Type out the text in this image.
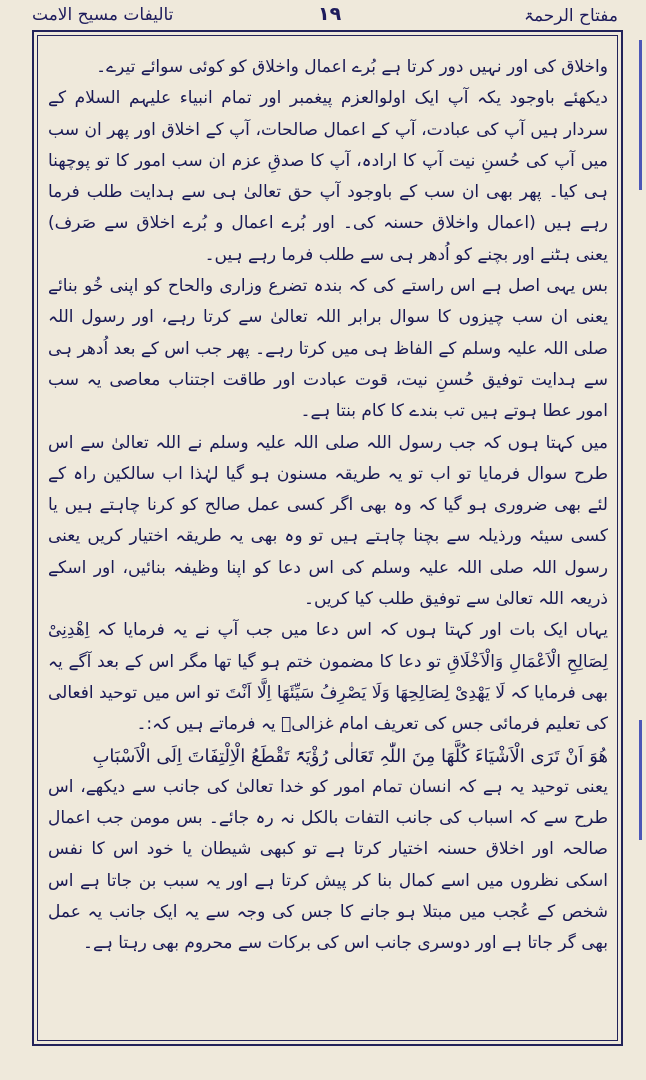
تالیفات مسیح الامت	۱۹	مفتاح الرحمۃ

واخلاق کی اور نہیں دور کرتا ہے بُرے اعمال واخلاق کو کوئی سوائے تیرے۔

دیکھئے باوجود یکہ آپ ایک اولوالعزم پیغمبر اور تمام انبیاء علیہم السلام کے سردار ہیں آپ کی عبادت، آپ کے اعمال صالحات، آپ کے اخلاق اور پھر ان سب میں آپ کی حُسنِ نیت آپ کا ارادہ، آپ کا صدقِ عزم ان سب امور کا تو پوچھنا ہی کیا۔ پھر بھی ان سب کے باوجود آپ حق تعالیٰ ہی سے ہدایت طلب فرما رہے ہیں (اعمال واخلاق حسنہ کی۔ اور بُرے اعمال و بُرے اخلاق سے صَرف) یعنی ہٹنے اور بچنے کو اُدھر ہی سے طلب فرما رہے ہیں۔

بس یہی اصل ہے اس راستے کی کہ بندہ تضرع وزاری والحاح کو اپنی خُو بنائے یعنی ان سب چیزوں کا سوال برابر اللہ تعالیٰ سے کرتا رہے، اور رسول اللہ صلی اللہ علیہ وسلم کے الفاظ ہی میں کرتا رہے۔ پھر جب اس کے بعد اُدھر ہی سے ہدایت توفیق حُسنِ نیت، قوت عبادت اور طاقت اجتناب معاصی یہ سب امور عطا ہوتے ہیں تب بندے کا کام بنتا ہے۔

میں کہتا ہوں کہ جب رسول اللہ صلی اللہ علیہ وسلم نے اللہ تعالیٰ سے اس طرح سوال فرمایا تو اب تو یہ طریقہ مسنون ہو گیا لہٰذا اب سالکین راہ کے لئے بھی ضروری ہو گیا کہ وہ بھی اگر کسی عمل صالح کو کرنا چاہتے ہیں یا کسی سیئہ ورذیلہ سے بچنا چاہتے ہیں تو وہ بھی یہ طریقہ اختیار کریں یعنی رسول اللہ صلی اللہ علیہ وسلم کی اس دعا کو اپنا وظیفہ بنائیں، اور اسکے ذریعہ اللہ تعالیٰ سے توفیق طلب کیا کریں۔

یہاں ایک بات اور کہتا ہوں کہ اس دعا میں جب آپ نے یہ فرمایا کہ اِھْدِنِیْ لِصَالِحِ الْاَعْمَالِ وَالْاَخْلَاقِ تو دعا کا مضمون ختم ہو گیا تھا مگر اس کے بعد آگے یہ بھی فرمایا کہ لَا یَھْدِیْ لِصَالِحِھَا وَلَا یَصْرِفُ سَیِّئَھَا اِلَّا اَنْتَ تو اس میں توحید افعالی کی تعلیم فرمائی جس کی تعریف امام غزالیؒ یہ فرماتے ہیں کہ:۔

ھُوَ اَنْ تَرَی الْاَشْیَاءَ کُلَّھَا مِنَ اللّٰہِ تَعَالٰی رُؤْیَۃً تَقْطَعُ الْاِلْتِفَاتَ اِلَی الْاَسْبَابِ

یعنی توحید یہ ہے کہ انسان تمام امور کو خدا تعالیٰ کی جانب سے دیکھے، اس طرح سے کہ اسباب کی جانب التفات بالکل نہ رہ جائے۔ بس مومن جب اعمال صالحہ اور اخلاق حسنہ اختیار کرتا ہے تو کبھی شیطان یا خود اس کا نفس اسکی نظروں میں اسے کمال بنا کر پیش کرتا ہے اور یہ سبب بن جاتا ہے اس شخص کے عُجب میں مبتلا ہو جانے کا جس کی وجہ سے یہ ایک جانب یہ عمل بھی گر جاتا ہے اور دوسری جانب اس کی برکات سے محروم بھی رہتا ہے۔
